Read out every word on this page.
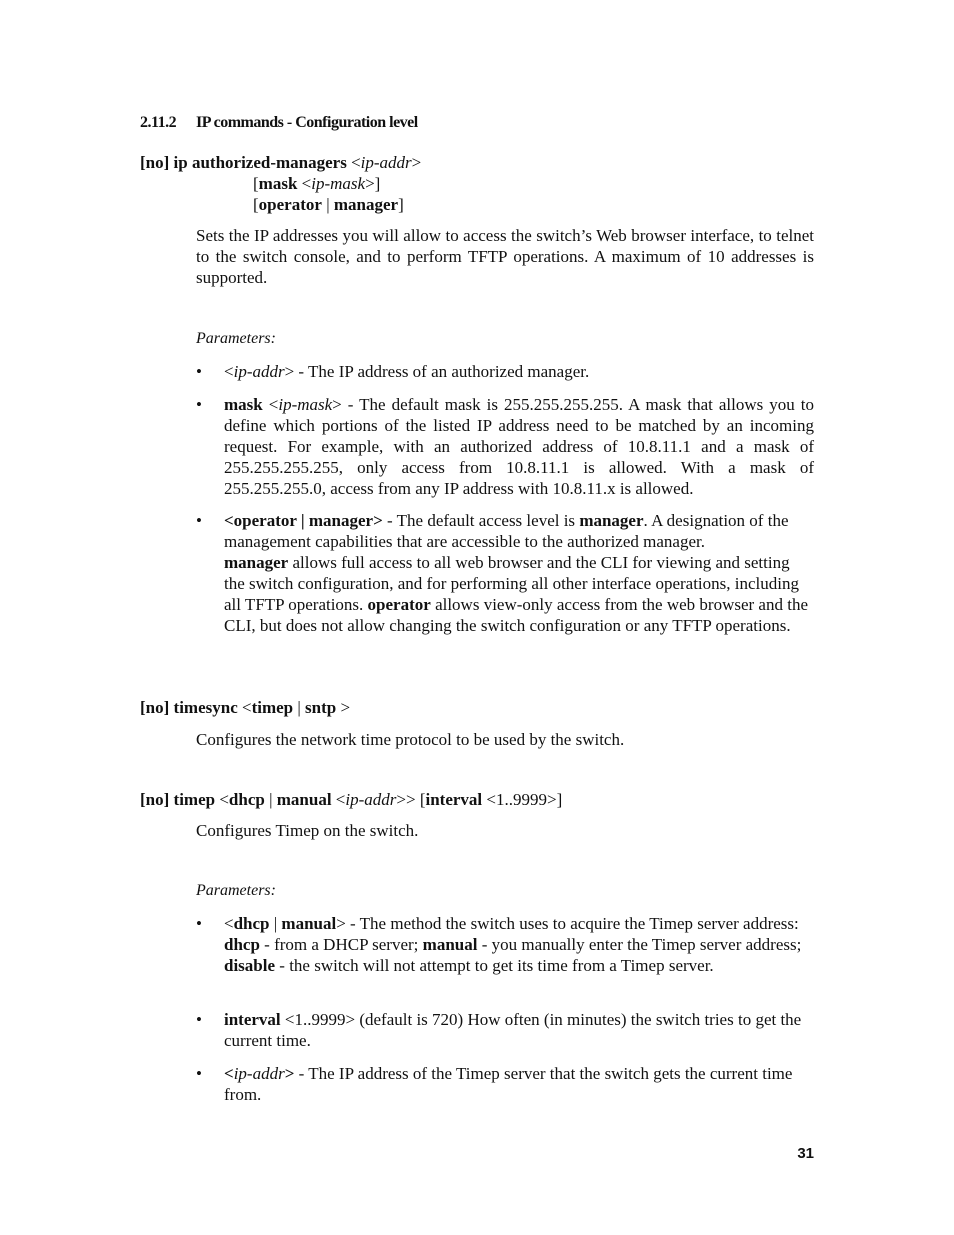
2.11.2 IP commands - Configuration level
[no] ip authorized-managers <ip-addr>
[mask <ip-mask>]
[operator | manager]
Sets the IP addresses you will allow to access the switch’s Web browser interface, to telnet to the switch console, and to perform TFTP operations. A maximum of 10 addresses is supported.
Parameters:
•	<ip-addr> - The IP address of an authorized manager.
•	mask <ip-mask> - The default mask is 255.255.255.255. A mask that allows you to define which portions of the listed IP address need to be matched by an incoming request. For example, with an authorized address of 10.8.11.1 and a mask of 255.255.255.255, only access from 10.8.11.1 is allowed. With a mask of 255.255.255.0, access from any IP address with 10.8.11.x is allowed.
•	<operator | manager> - The default access level is manager. A designation of the management capabilities that are accessible to the authorized manager.
manager allows full access to all web browser and the CLI for viewing and setting the switch configuration, and for performing all other interface operations, including all TFTP operations. operator allows view-only access from the web browser and the CLI, but does not allow changing the switch configuration or any TFTP operations.
[no] timesync <timep | sntp >
Configures the network time protocol to be used by the switch.
[no] timep <dhcp | manual <ip-addr>> [interval <1..9999>]
Configures Timep on the switch.
Parameters:
•	<dhcp | manual> - The method the switch uses to acquire the Timep server address: dhcp - from a DHCP server; manual - you manually enter the Timep server address; disable - the switch will not attempt to get its time from a Timep server.
•	interval <1..9999> (default is 720) How often (in minutes) the switch tries to get the current time.
•	<ip-addr> - The IP address of the Timep server that the switch gets the current time from.
31
